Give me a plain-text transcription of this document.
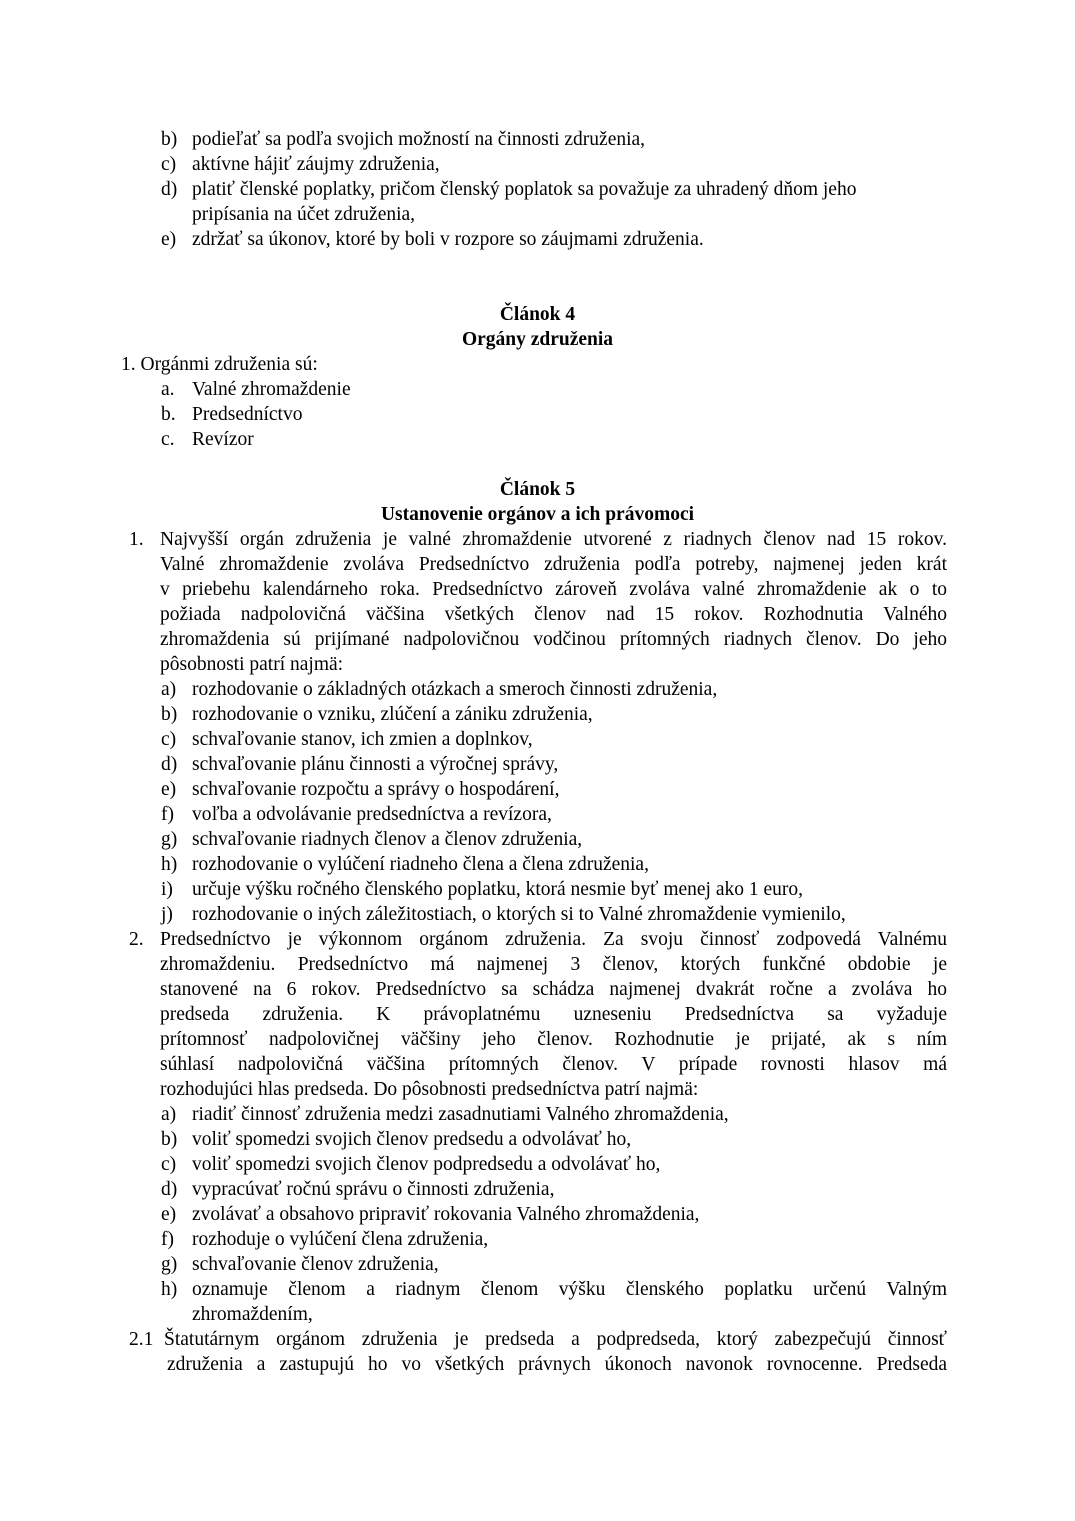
b) podieľať sa podľa svojich možností na činnosti združenia,
c) aktívne hájiť záujmy združenia,
d) platiť členské poplatky, pričom členský poplatok sa považuje za uhradený dňom jeho
pripísania na účet združenia,
e) zdržať sa úkonov, ktoré by boli v rozpore so záujmami združenia.
Článok 4
Orgány združenia
1. Orgánmi združenia sú:
a. Valné zhromaždenie
b. Predsedníctvo
c. Revízor
Článok 5
Ustanovenie orgánov a ich právomoci
1. Najvyšší orgán združenia je valné zhromaždenie utvorené z riadnych členov nad 15 rokov.
Valné zhromaždenie zvoláva Predsedníctvo združenia podľa potreby, najmenej jeden krát
v priebehu kalendárneho roka. Predsedníctvo zároveň zvoláva valné zhromaždenie ak o to
požiada nadpolovičná väčšina všetkých členov nad 15 rokov. Rozhodnutia Valného
zhromaždenia sú prijímané nadpolovičnou vodčinou prítomných riadnych členov. Do jeho
pôsobnosti patrí najmä:
a) rozhodovanie o základných otázkach a smeroch činnosti združenia,
b) rozhodovanie o vzniku, zlúčení a zániku združenia,
c) schvaľovanie stanov, ich zmien a doplnkov,
d) schvaľovanie plánu činnosti a výročnej správy,
e) schvaľovanie rozpočtu a správy o hospodárení,
f) voľba a odvolávanie predsedníctva a revízora,
g) schvaľovanie riadnych členov a členov združenia,
h) rozhodovanie o vylúčení riadneho člena a člena združenia,
i) určuje výšku ročného členského poplatku, ktorá nesmie byť menej ako 1 euro,
j) rozhodovanie o iných záležitostiach, o ktorých si to Valné zhromaždenie vymienilo,
2. Predsedníctvo je výkonnom orgánom združenia. Za svoju činnosť zodpovedá Valnému
zhromaždeniu. Predsedníctvo má najmenej 3 členov, ktorých funkčné obdobie je
stanovené na 6 rokov. Predsedníctvo sa schádza najmenej dvakrát ročne a zvoláva ho
predseda združenia. K právoplatnému uzneseniu Predsedníctva sa vyžaduje
prítomnosť nadpolovičnej väčšiny jeho členov. Rozhodnutie je prijaté, ak s ním
súhlasí nadpolovičná väčšina prítomných členov. V prípade rovnosti hlasov má
rozhodujúci hlas predseda. Do pôsobnosti predsedníctva patrí najmä:
a) riadiť činnosť združenia medzi zasadnutiami Valného zhromaždenia,
b) voliť spomedzi svojich členov predsedu a odvolávať ho,
c) voliť spomedzi svojich členov podpredsedu a odvolávať ho,
d) vypracúvať ročnú správu o činnosti združenia,
e) zvolávať a obsahovo pripraviť rokovania Valného zhromaždenia,
f) rozhoduje o vylúčení člena združenia,
g) schvaľovanie členov združenia,
h) oznamuje členom a riadnym členom výšku členského poplatku určenú Valným
zhromaždením,
2.1 Štatutárnym orgánom združenia je predseda a podpredseda, ktorý zabezpečujú činnosť
združenia a zastupujú ho vo všetkých právnych úkonoch navonok rovnocenne. Predseda
